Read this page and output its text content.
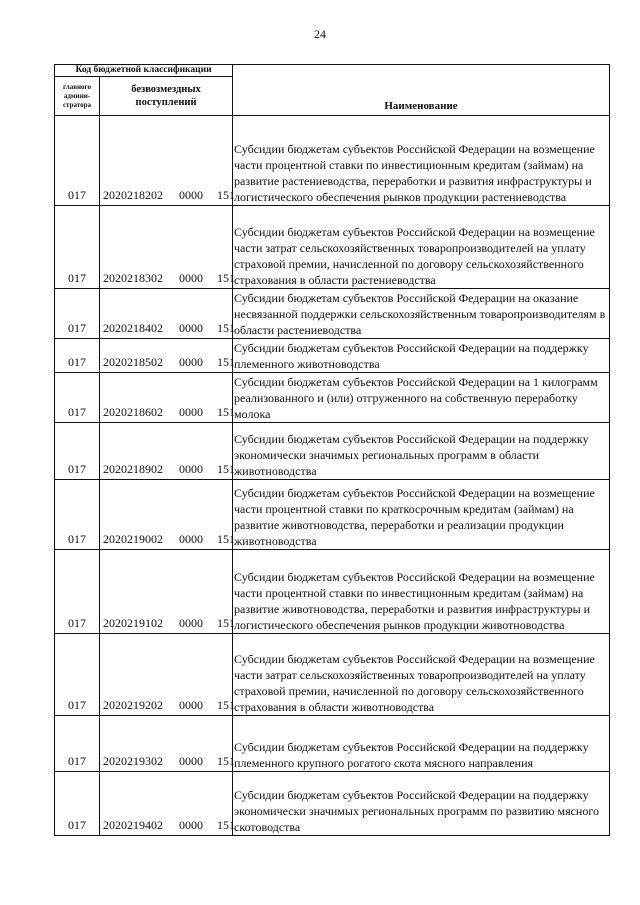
24
Код бюджетной классификации		Наименование
главного админи-стратора	безвозмездных поступлений	
017	2020218202 0000 151	Субсидии бюджетам субъектов Российской Федерации на возмещение части процентной ставки по инвестиционным кредитам (займам) на развитие растениеводства, переработки и развития инфраструктуры и логистического обеспечения рынков продукции растениеводства
017	2020218302 0000 151	Субсидии бюджетам субъектов Российской Федерации на возмещение части затрат сельскохозяйственных товаропроизводителей на уплату страховой премии, начисленной по договору сельскохозяйственного страхования в области растениеводства
017	2020218402 0000 151	Субсидии бюджетам субъектов Российской Федерации на оказание несвязанной поддержки сельскохозяйственным товаропроизводителям в области растениеводства
017	2020218502 0000 151	Субсидии бюджетам субъектов Российской Федерации на поддержку племенного животноводства
017	2020218602 0000 151	Субсидии бюджетам субъектов Российской Федерации на 1 килограмм реализованного и (или) отгруженного на собственную переработку молока
017	2020218902 0000 151	Субсидии бюджетам субъектов Российской Федерации на поддержку экономически значимых региональных программ в области животноводства
017	2020219002 0000 151	Субсидии бюджетам субъектов Российской Федерации на возмещение части процентной ставки по краткосрочным кредитам (займам) на развитие животноводства, переработки и реализации продукции животноводства
017	2020219102 0000 151	Субсидии бюджетам субъектов Российской Федерации на возмещение части процентной ставки по инвестиционным кредитам (займам) на развитие животноводства, переработки и развития инфраструктуры и логистического обеспечения рынков продукции животноводства
017	2020219202 0000 151	Субсидии бюджетам субъектов Российской Федерации на возмещение части затрат сельскохозяйственных товаропроизводителей на уплату страховой премии, начисленной по договору сельскохозяйственного страхования в области животноводства
017	2020219302 0000 151	Субсидии бюджетам субъектов Российской Федерации на поддержку племенного крупного рогатого скота мясного направления
017	2020219402 0000 151	Субсидии бюджетам субъектов Российской Федерации на поддержку экономически значимых региональных программ по развитию мясного скотоводства
